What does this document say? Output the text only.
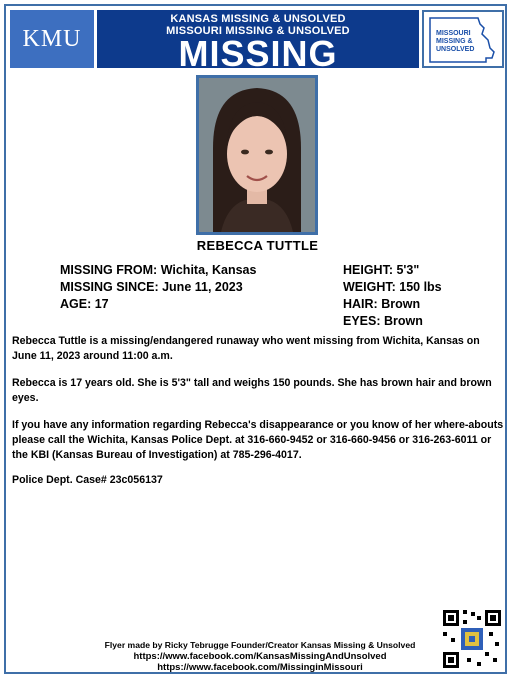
KMU
KANSAS MISSING & UNSOLVED
MISSOURI MISSING & UNSOLVED
MISSING	MISSOURI
MISSING &
UNSOLVED
REBECCA TUTTLE
MISSING FROM: Wichita, Kansas
MISSING SINCE: June 11, 2023
AGE: 17
HEIGHT: 5'3"
WEIGHT: 150 lbs
HAIR: Brown
EYES: Brown
Rebecca Tuttle is a missing/endangered runaway who went missing from Wichita, Kansas on June 11, 2023 around 11:00 a.m.
Rebecca is 17 years old. She is 5'3" tall and weighs 150 pounds. She has brown hair and brown eyes.
If you have any information regarding Rebecca's disappearance or you know of her where-abouts please call the Wichita, Kansas Police Dept. at 316-660-9452 or 316-660-9456 or 316-263-6011 or the KBI (Kansas Bureau of Investigation) at 785-296-4017.
Police Dept. Case# 23c056137
Flyer made by Ricky Tebrugge Founder/Creator Kansas Missing & Unsolved
https://www.facebook.com/KansasMissingAndUnsolved
https://www.facebook.com/MissinginMissouri
